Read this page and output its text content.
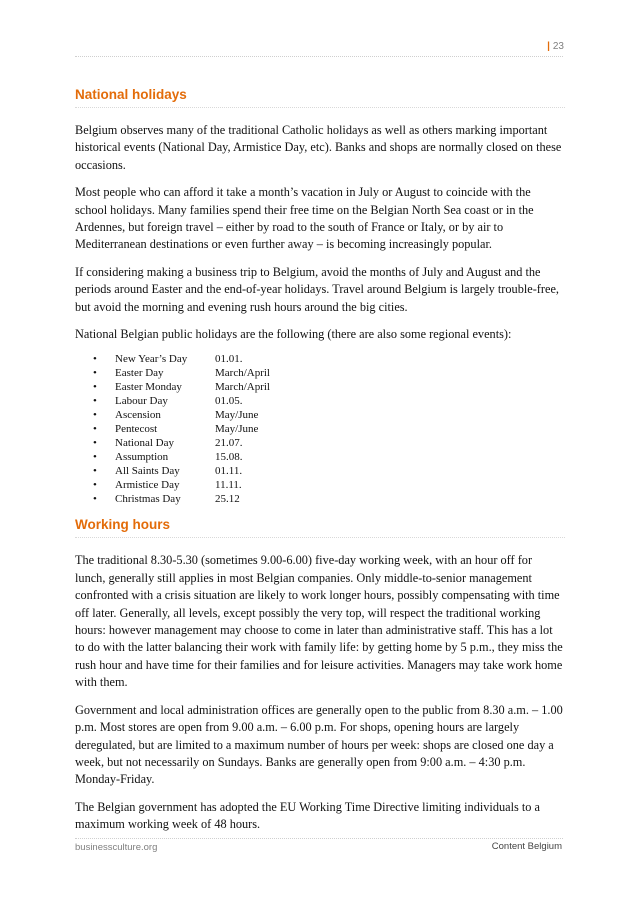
| 23
National holidays

Belgium observes many of the traditional Catholic holidays as well as others marking important historical events (National Day, Armistice Day, etc). Banks and shops are normally closed on these occasions.

Most people who can afford it take a month’s vacation in July or August to coincide with the school holidays. Many families spend their free time on the Belgian North Sea coast or in the Ardennes, but foreign travel – either by road to the south of France or Italy, or by air to Mediterranean destinations or even further away – is becoming increasingly popular.

If considering making a business trip to Belgium, avoid the months of July and August and the periods around Easter and the end-of-year holidays. Travel around Belgium is largely trouble-free, but avoid the morning and evening rush hours around the big cities.

National Belgian public holidays are the following (there are also some regional events):

•	New Year’s Day	01.01.
•	Easter Day	March/April
•	Easter Monday	March/April
•	Labour Day	01.05.
•	Ascension	May/June
•	Pentecost	May/June
•	National Day	21.07.
•	Assumption	15.08.
•	All Saints Day	01.11.
•	Armistice Day	11.11.
•	Christmas Day	25.12
Working hours

The traditional 8.30-5.30 (sometimes 9.00-6.00) five-day working week, with an hour off for lunch, generally still applies in most Belgian companies. Only middle-to-senior management confronted with a crisis situation are likely to work longer hours, possibly compensating with time off later. Generally, all levels, except possibly the very top, will respect the traditional working hours: however management may choose to come in later than administrative staff. This has a lot to do with the latter balancing their work with family life: by getting home by 5 p.m., they miss the rush hour and have time for their families and for leisure activities. Managers may take work home with them.

Government and local administration offices are generally open to the public from 8.30 a.m. – 1.00 p.m. Most stores are open from 9.00 a.m. – 6.00 p.m. For shops, opening hours are largely deregulated, but are limited to a maximum number of hours per week: shops are closed one day a week, but not necessarily on Sundays. Banks are generally open from 9:00 a.m. – 4:30 p.m. Monday-Friday.

The Belgian government has adopted the EU Working Time Directive limiting individuals to a maximum working week of 48 hours.

businessculture.org	Content Belgium
